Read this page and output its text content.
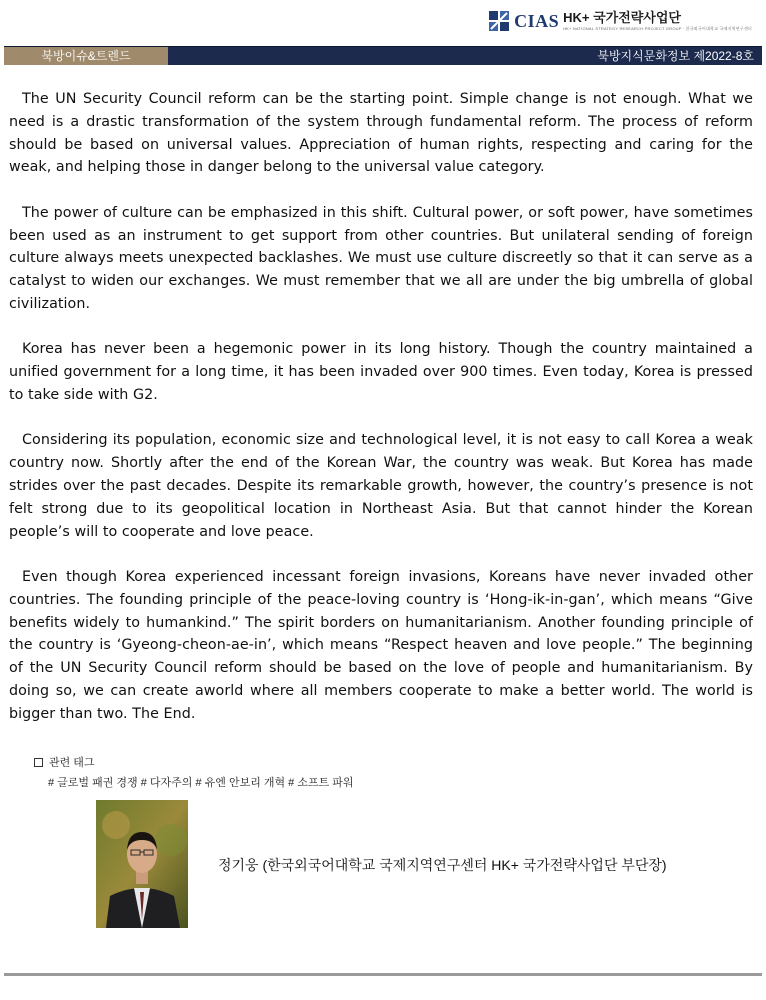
CIAS HK+ 국가전략사업단
HK+ NATIONAL STRATEGY RESEARCH PROJECT GROUP · 한국외국어대학교 국제지역연구센터
북방이슈&트렌드	북방지식문화정보 제2022-8호

The UN Security Council reform can be the starting point. Simple change is not enough. What we need is a drastic transformation of the system through fundamental reform. The process of reform should be based on universal values. Appreciation of human rights, respecting and caring for the weak, and helping those in danger belong to the universal value category.

The power of culture can be emphasized in this shift. Cultural power, or soft power, have sometimes been used as an instrument to get support from other countries. But unilateral sending of foreign culture always meets unexpected backlashes. We must use culture discreetly so that it can serve as a catalyst to widen our exchanges. We must remember that we all are under the big umbrella of global civilization.

Korea has never been a hegemonic power in its long history. Though the country maintained a unified government for a long time, it has been invaded over 900 times. Even today, Korea is pressed to take side with G2.

Considering its population, economic size and technological level, it is not easy to call Korea a weak country now. Shortly after the end of the Korean War, the country was weak. But Korea has made strides over the past decades. Despite its remarkable growth, however, the country’s presence is not felt strong due to its geopolitical location in Northeast Asia. But that cannot hinder the Korean people’s will to cooperate and love peace.

Even though Korea experienced incessant foreign invasions, Koreans have never invaded other countries. The founding principle of the peace-loving country is ‘Hong-ik-in-gan’, which means “Give benefits widely to humankind.” The spirit borders on humanitarianism. Another founding principle of the country is ‘Gyeong-cheon-ae-in’, which means “Respect heaven and love people.” The beginning of the UN Security Council reform should be based on the love of people and humanitarianism. By doing so, we can create aworld where all members cooperate to make a better world. The world is bigger than two. The End.

관련 태그
# 글로벌 패권 경쟁 # 다자주의 # 유엔 안보리 개혁 # 소프트 파워
정기웅 (한국외국어대학교 국제지역연구센터 HK+ 국가전략사업단 부단장)
